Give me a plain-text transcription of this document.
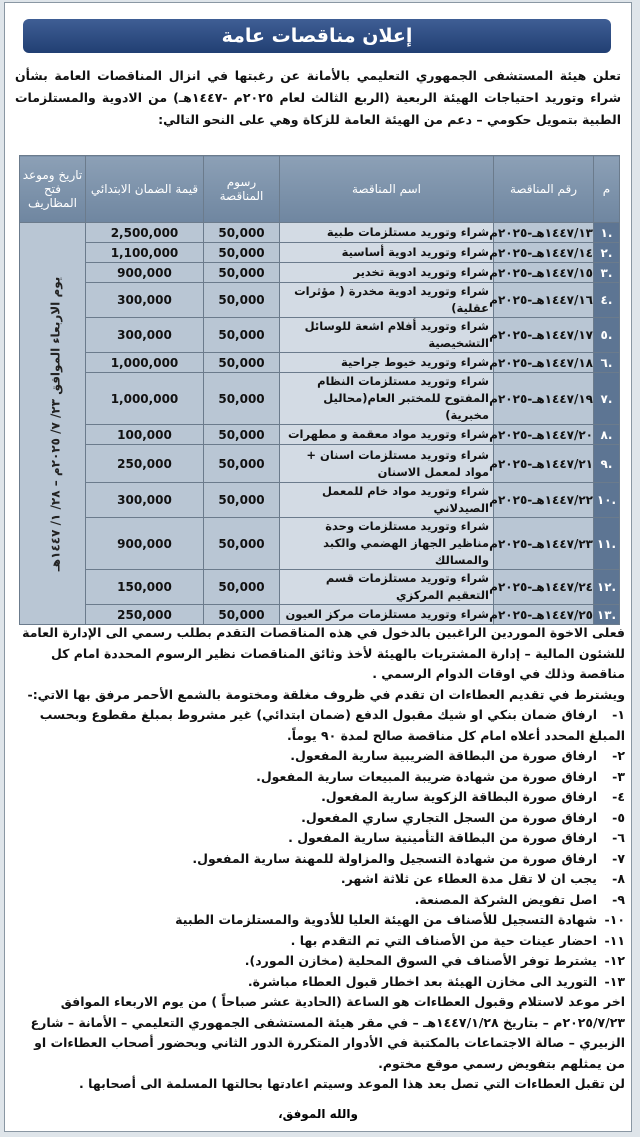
إعلان مناقصات عامة
تعلن هيئة المستشفى الجمهوري التعليمي بالأمانة عن رغبتها في انزال المناقصات العامة بشأن شراء وتوريد احتياجات الهيئة الربعية (الربع الثالث لعام ٢٠٢٥م -١٤٤٧هـ) من الادوية والمستلزمات الطبية بتمويل حكومي – دعم من الهيئة العامة للزكاة وهي على النحو التالي:
م	رقم المناقصة	اسم المناقصة	رسوم المناقصة	قيمة الضمان الابتدائي	تاريخ وموعد فتح المظاريف
.١	١٤٤٧/١٣هـ-٢٠٢٥م	شراء وتوريد مستلزمات طبية	50,000	2,500,000	يوم الاربعاء الموافق ٢٣/ ٧/ ٢٠٢٥م – ٢٨/ ١/ ١٤٤٧هـ

.٢	١٤٤٧/١٤هـ-٢٠٢٥م	شراء وتوريد ادوية أساسية	50,000	1,100,000	
.٣	١٤٤٧/١٥هـ-٢٠٢٥م	شراء وتوريد ادوية تخدير	50,000	900,000	
.٤	١٤٤٧/١٦هـ-٢٠٢٥م	شراء وتوريد ادوية مخدرة ( مؤثرات عقلية)	50,000	300,000	
.٥	١٤٤٧/١٧هـ-٢٠٢٥م	شراء وتوريد أفلام اشعة للوسائل التشخيصية	50,000	300,000	
.٦	١٤٤٧/١٨هـ-٢٠٢٥م	شراء وتوريد خيوط جراحية	50,000	1,000,000	
.٧	١٤٤٧/١٩هـ-٢٠٢٥م	شراء وتوريد مستلزمات النظام المفتوح للمختبر العام(محاليل مخبرية)	50,000	1,000,000	
.٨	١٤٤٧/٢٠هـ-٢٠٢٥م	شراء وتوريد مواد معقمة و مطهرات	50,000	100,000	
.٩	١٤٤٧/٢١هـ-٢٠٢٥م	شراء وتوريد مستلزمات اسنان + مواد لمعمل الاسنان	50,000	250,000	
.١٠	١٤٤٧/٢٢هـ-٢٠٢٥م	شراء وتوريد مواد خام للمعمل الصيدلاني	50,000	300,000	
.١١	١٤٤٧/٢٣هـ-٢٠٢٥م	شراء وتوريد مستلزمات وحدة مناظير الجهاز الهضمي والكبد والمسالك	50,000	900,000	
.١٢	١٤٤٧/٢٤هـ-٢٠٢٥م	شراء وتوريد مستلزمات قسم التعقيم المركزي	50,000	150,000	
.١٣	١٤٤٧/٢٥هـ-٢٠٢٥م	شراء وتوريد مستلزمات مركز العيون	50,000	250,000	

فعلى الاخوة الموردين الراغبين بالدخول في هذه المناقصات التقدم بطلب رسمي الى الإدارة العامة للشئون المالية – إدارة المشتريات بالهيئة لأخذ وثائق المناقصات نظير الرسوم المحددة امام كل مناقصة وذلك في اوقات الدوام الرسمي .

ويشترط في تقديم العطاءات ان تقدم في ظروف مغلقة ومختومة بالشمع الأحمر مرفق بها الاتي:-

١-ارفاق ضمان بنكي او شيك مقبول الدفع (ضمان ابتدائي) غير مشروط بمبلغ مقطوع وبحسب المبلغ المحدد أعلاه امام كل مناقصة صالح لمدة ٩٠ يوماً.

٢-ارفاق صورة من البطاقة الضريبية سارية المفعول.

٣-ارفاق صورة من شهادة ضريبة المبيعات سارية المفعول.

٤-ارفاق صورة البطاقة الزكوية سارية المفعول.

٥-ارفاق صورة من السجل التجاري ساري المفعول.

٦-ارفاق صورة من البطاقة التأمينية سارية المفعول .

٧-ارفاق صورة من شهادة التسجيل والمزاولة للمهنة سارية المفعول.

٨-يجب ان لا تقل مدة العطاء عن ثلاثة اشهر.

٩-اصل تفويض الشركة المصنعة.

١٠-شهادة التسجيل للأصناف من الهيئة العليا للأدوية والمستلزمات الطبية

١١-احضار عينات حية من الأصناف التي تم التقدم بها .

١٢-يشترط توفر الأصناف في السوق المحلية (مخازن المورد).

١٣-التوريد الى مخازن الهيئة بعد اخطار قبول العطاء مباشرة.

اخر موعد لاستلام وقبول العطاءات هو الساعة (الحادية عشر صباحاً ) من يوم الاربعاء الموافق ٢٠٢٥/٧/٢٣م – بتاريخ ١٤٤٧/١/٢٨هـ – في مقر هيئة المستشفى الجمهوري التعليمي – الأمانة – شارع الزبيري – صالة الاجتماعات بالمكتبة في الأدوار المتكررة الدور الثاني وبحضور أصحاب العطاءات او من يمثلهم بتفويض رسمي موقع مختوم.

لن تقبل العطاءات التي تصل بعد هذا الموعد وسيتم اعادتها بحالتها المسلمة الى أصحابها .

والله الموفق،
